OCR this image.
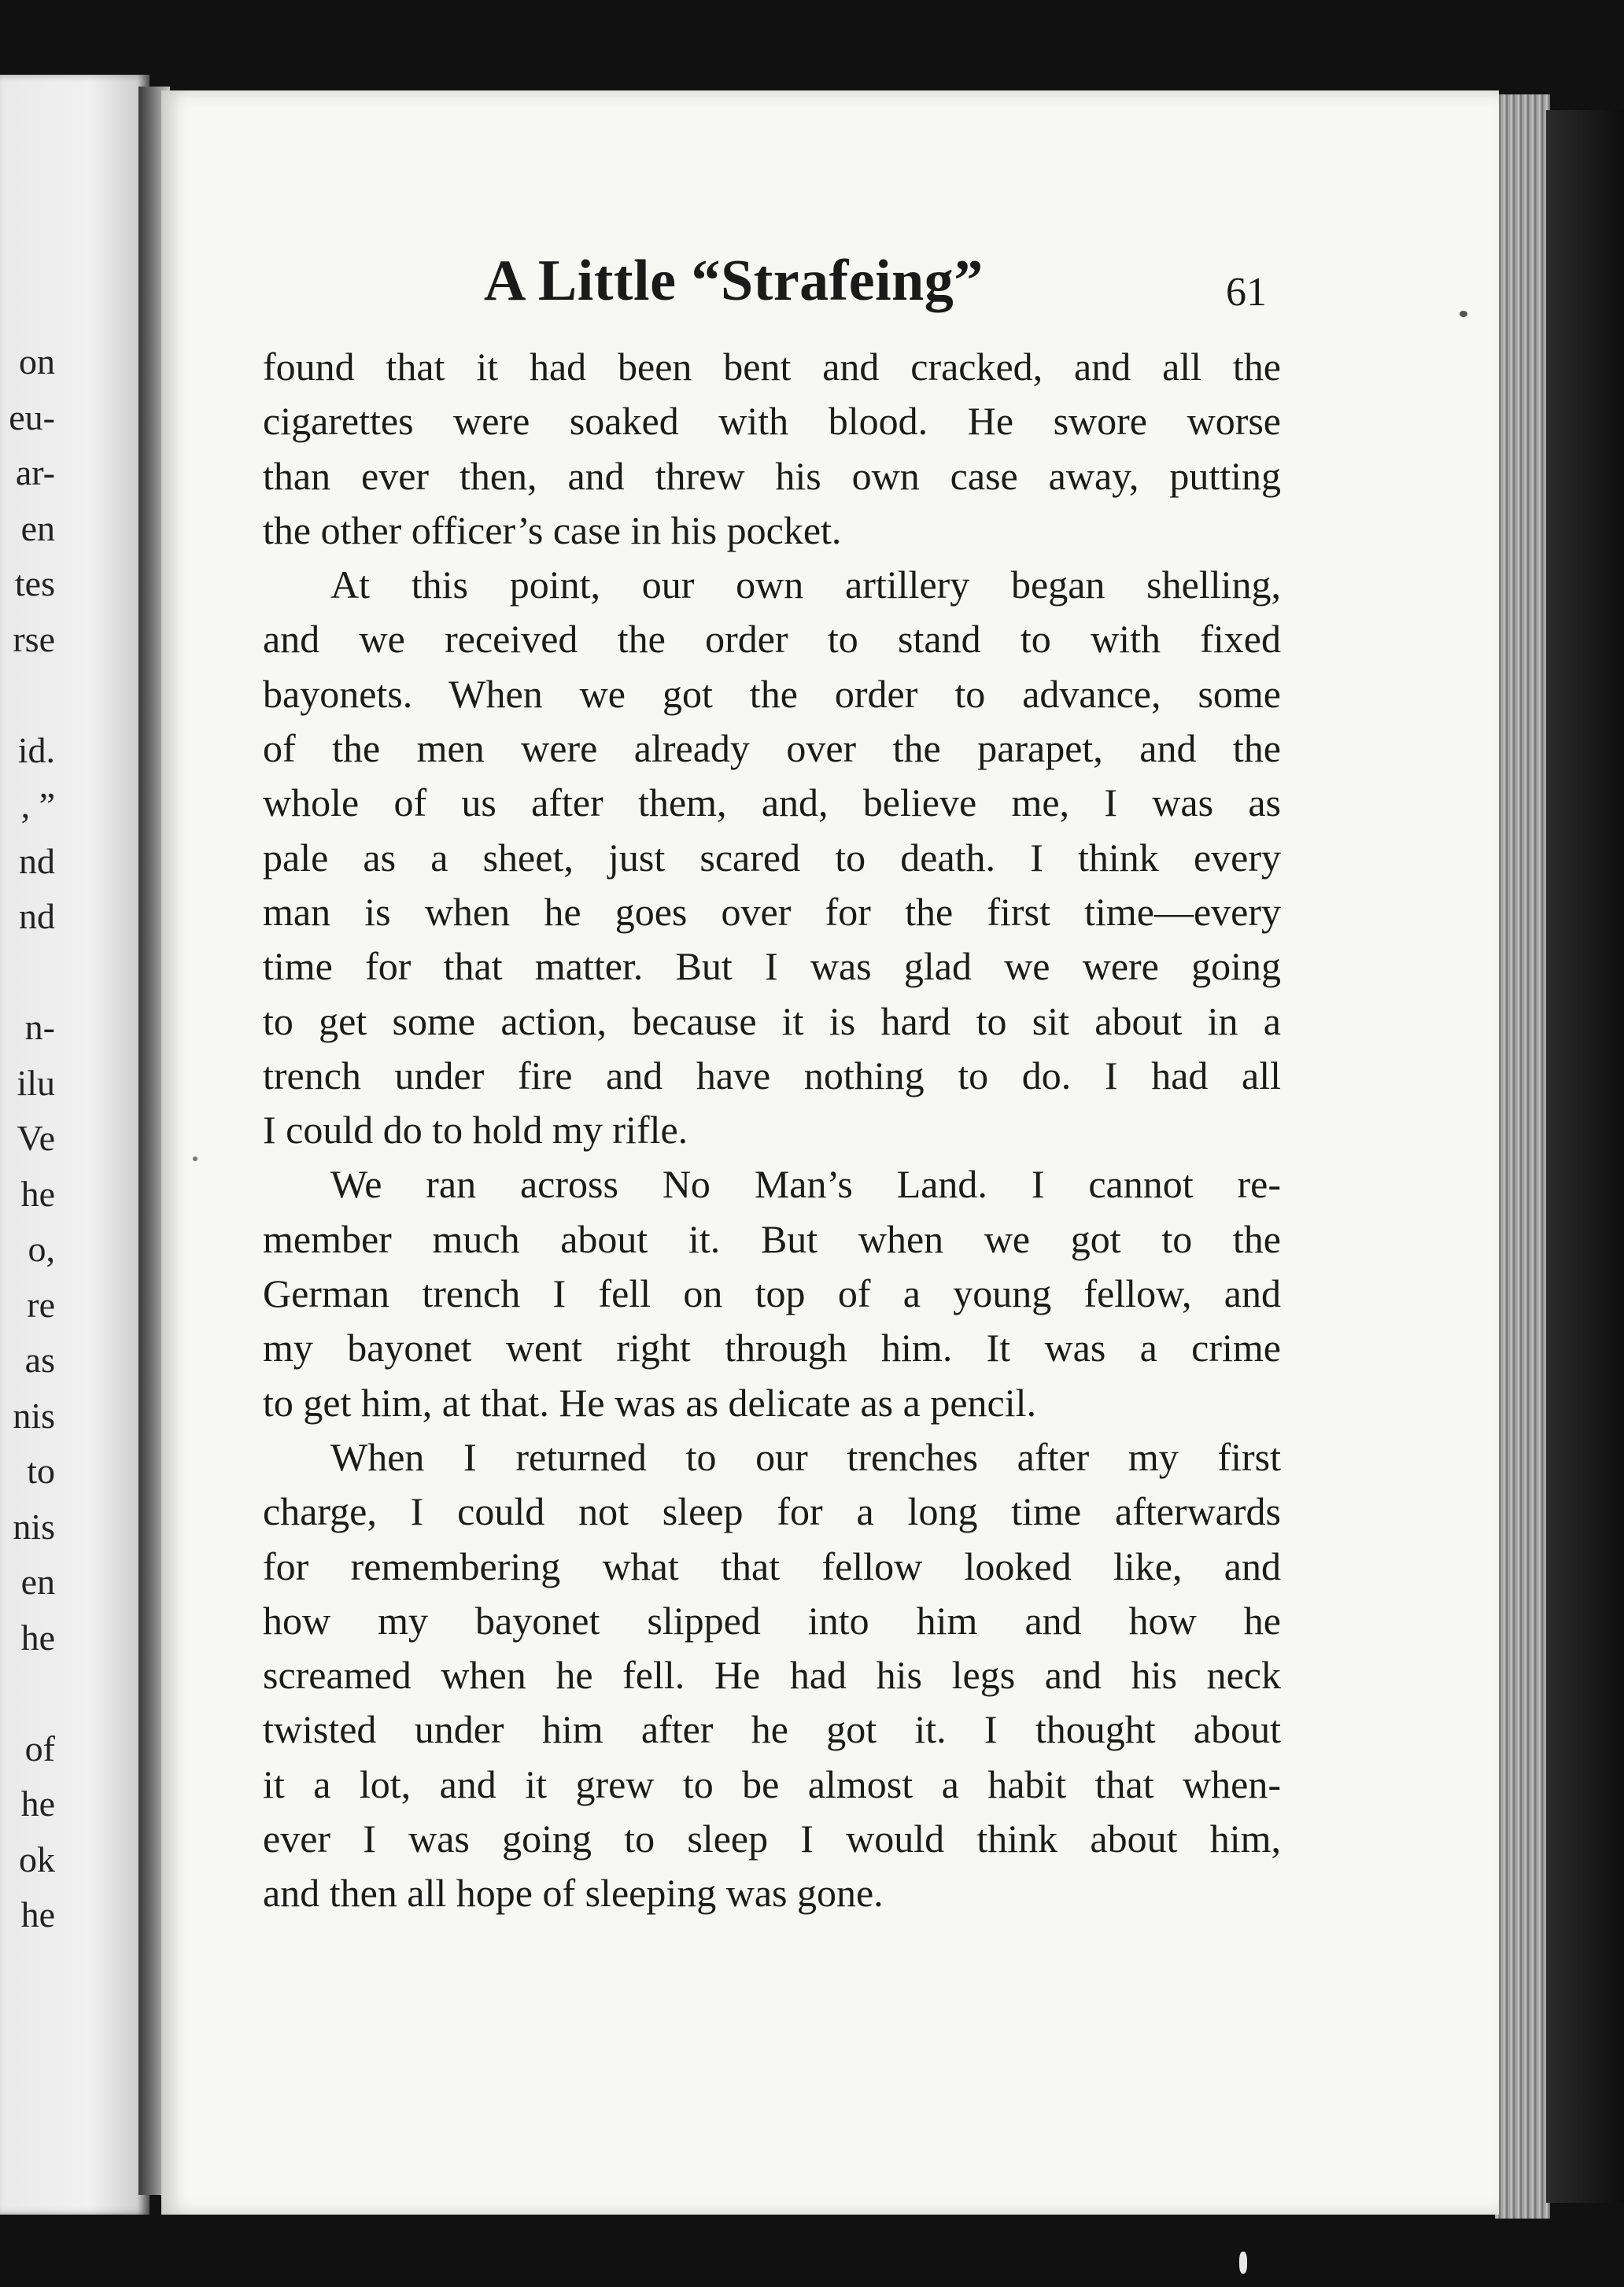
on
eu-
ar-
en
tes
rse
id.
, ”
nd
nd
n-
ilu
Ve
he
o,
re
as
nis
to
nis
en
he
of
he
ok
he
A Little “Strafeing”	61
found that it had been bent and cracked, and all the
cigarettes were soaked with blood. He swore worse
than ever then, and threw his own case away, putting
the other officer’s case in his pocket.
At this point, our own artillery began shelling,
and we received the order to stand to with fixed
bayonets. When we got the order to advance, some
of the men were already over the parapet, and the
whole of us after them, and, believe me, I was as
pale as a sheet, just scared to death. I think every
man is when he goes over for the first time—every
time for that matter. But I was glad we were going
to get some action, because it is hard to sit about in a
trench under fire and have nothing to do. I had all
I could do to hold my rifle.
We ran across No Man’s Land. I cannot re-
member much about it. But when we got to the
German trench I fell on top of a young fellow, and
my bayonet went right through him. It was a crime
to get him, at that. He was as delicate as a pencil.
When I returned to our trenches after my first
charge, I could not sleep for a long time afterwards
for remembering what that fellow looked like, and
how my bayonet slipped into him and how he
screamed when he fell. He had his legs and his neck
twisted under him after he got it. I thought about
it a lot, and it grew to be almost a habit that when-
ever I was going to sleep I would think about him,
and then all hope of sleeping was gone.
